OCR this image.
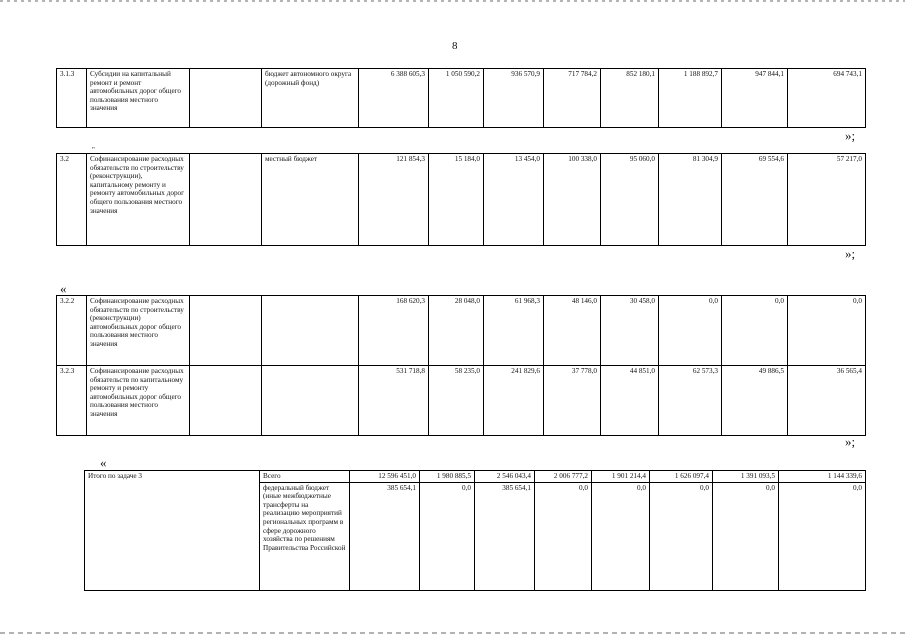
8
3.1.3	Субсидии на капитальный ремонт и ремонт автомобильных дорог общего пользования местного значения		бюджет автономного округа (дорожный фонд)	6 388 605,3	1 050 590,2	936 570,9	717 784,2	852 180,1	1 188 892,7	947 844,1	694 743,1
»;
"
3.2	Софинансирование расходных обязательств по строительству (реконструкции), капитальному ремонту и ремонту автомобильных дорог общего пользования местного значения		местный бюджет	121 854,3	15 184,0	13 454,0	100 338,0	95 060,0	81 304,9	69 554,6	57 217,0
»;
«
3.2.2	Софинансирование расходных обязательств по строительству (реконструкции) автомобильных дорог общего пользования местного значения			168 620,3	28 048,0	61 968,3	48 146,0	30 458,0	0,0	0,0	0,0
3.2.3	Софинансирование расходных обязательств по капитальному ремонту и ремонту автомобильных дорог общего пользования местного значения			531 718,8	58 235,0	241 829,6	37 778,0	44 851,0	62 573,3	49 886,5	36 565,4
»;
«
Итого по задаче 3	Всего	12 596 451,0	1 980 885,5	2 546 043,4	2 006 777,2	1 901 214,4	1 626 097,4	1 391 093,5	1 144 339,6
	федеральный бюджет (иные межбюджетные трансферты на реализацию мероприятий региональных программ в сфере дорожного хозяйства по решениям Правительства Российской	385 654,1	0,0	385 654,1	0,0	0,0	0,0	0,0	0,0
